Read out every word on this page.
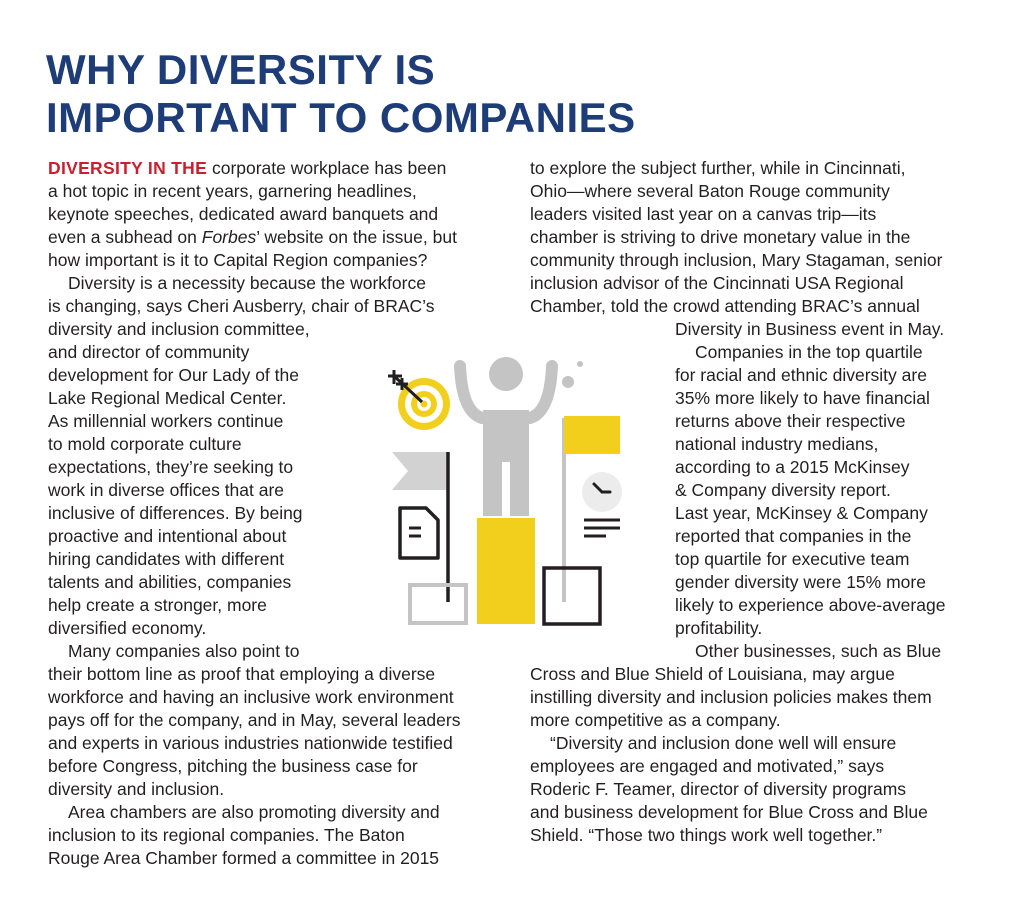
WHY DIVERSITY IS
IMPORTANT TO COMPANIES
DIVERSITY IN THE corporate workplace has been
a hot topic in recent years, garnering headlines,
keynote speeches, dedicated award banquets and
even a subhead on Forbes’ website on the issue, but
how important is it to Capital Region companies?
Diversity is a necessity because the workforce
is changing, says Cheri Ausberry, chair of BRAC’s
diversity and inclusion committee,
and director of community
development for Our Lady of the
Lake Regional Medical Center.
As millennial workers continue
to mold corporate culture
expectations, they’re seeking to
work in diverse offices that are
inclusive of differences. By being
proactive and intentional about
hiring candidates with different
talents and abilities, companies
help create a stronger, more
diversified economy.
Many companies also point to
their bottom line as proof that employing a diverse
workforce and having an inclusive work environment
pays off for the company, and in May, several leaders
and experts in various industries nationwide testified
before Congress, pitching the business case for
diversity and inclusion.
Area chambers are also promoting diversity and
inclusion to its regional companies. The Baton
Rouge Area Chamber formed a committee in 2015
to explore the subject further, while in Cincinnati,
Ohio—where several Baton Rouge community
leaders visited last year on a canvas trip—its
chamber is striving to drive monetary value in the
community through inclusion, Mary Stagaman, senior
inclusion advisor of the Cincinnati USA Regional
Chamber, told the crowd attending BRAC’s annual
Diversity in Business event in May.
Companies in the top quartile
for racial and ethnic diversity are
35% more likely to have financial
returns above their respective
national industry medians,
according to a 2015 McKinsey
& Company diversity report.
Last year, McKinsey & Company
reported that companies in the
top quartile for executive team
gender diversity were 15% more
likely to experience above-average
profitability.
Other businesses, such as Blue
Cross and Blue Shield of Louisiana, may argue
instilling diversity and inclusion policies makes them
more competitive as a company.
“Diversity and inclusion done well will ensure
employees are engaged and motivated,” says
Roderic F. Teamer, director of diversity programs
and business development for Blue Cross and Blue
Shield. “Those two things work well together.”
